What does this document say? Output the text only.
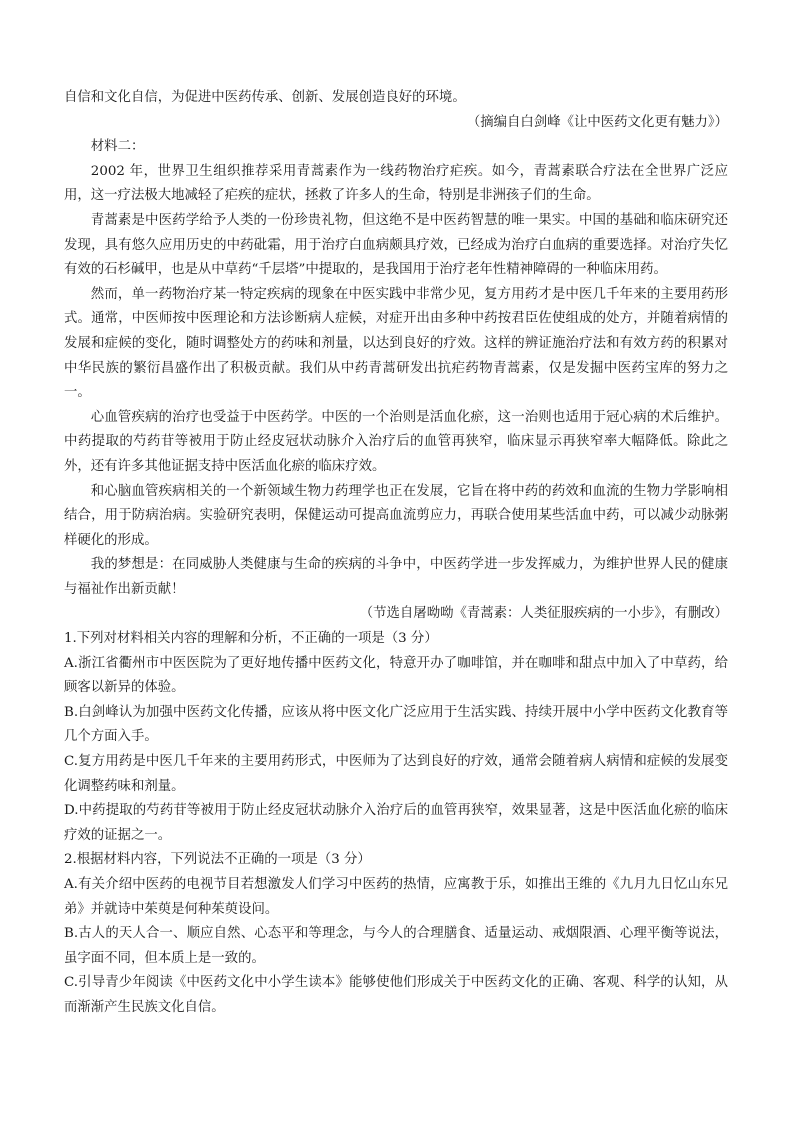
自信和文化自信，为促进中医药传承、创新、发展创造良好的环境。

（摘编自白剑峰《让中医药文化更有魅力》）

材料二：

2002 年，世界卫生组织推荐采用青蒿素作为一线药物治疗疟疾。如今，青蒿素联合疗法在全世界广泛应用，这一疗法极大地减轻了疟疾的症状，拯救了许多人的生命，特别是非洲孩子们的生命。

青蒿素是中医药学给予人类的一份珍贵礼物，但这绝不是中医药智慧的唯一果实。中国的基础和临床研究还发现，具有悠久应用历史的中药砒霜，用于治疗白血病颇具疗效，已经成为治疗白血病的重要选择。对治疗失忆有效的石杉碱甲，也是从中草药“千层塔”中提取的，是我国用于治疗老年性精神障碍的一种临床用药。

然而，单一药物治疗某一特定疾病的现象在中医实践中非常少见，复方用药才是中医几千年来的主要用药形式。通常，中医师按中医理论和方法诊断病人症候，对症开出由多种中药按君臣佐使组成的处方，并随着病情的发展和症候的变化，随时调整处方的药味和剂量，以达到良好的疗效。这样的辨证施治疗法和有效方药的积累对中华民族的繁衍昌盛作出了积极贡献。我们从中药青蒿研发出抗疟药物青蒿素，仅是发掘中医药宝库的努力之一。

心血管疾病的治疗也受益于中医药学。中医的一个治则是活血化瘀，这一治则也适用于冠心病的术后维护。中药提取的芍药苷等被用于防止经皮冠状动脉介入治疗后的血管再狭窄，临床显示再狭窄率大幅降低。除此之外，还有许多其他证据支持中医活血化瘀的临床疗效。

和心脑血管疾病相关的一个新领域生物力药理学也正在发展，它旨在将中药的药效和血流的生物力学影响相结合，用于防病治病。实验研究表明，保健运动可提高血流剪应力，再联合使用某些活血中药，可以减少动脉粥样硬化的形成。

我的梦想是：在同威胁人类健康与生命的疾病的斗争中，中医药学进一步发挥威力，为维护世界人民的健康与福祉作出新贡献！

（节选自屠呦呦《青蒿素：人类征服疾病的一小步》，有删改）

1.下列对材料相关内容的理解和分析，不正确的一项是（3 分）

A.浙江省衢州市中医医院为了更好地传播中医药文化，特意开办了咖啡馆，并在咖啡和甜点中加入了中草药，给顾客以新异的体验。

B.白剑峰认为加强中医药文化传播，应该从将中医文化广泛应用于生活实践、持续开展中小学中医药文化教育等几个方面入手。

C.复方用药是中医几千年来的主要用药形式，中医师为了达到良好的疗效，通常会随着病人病情和症候的发展变化调整药味和剂量。

D.中药提取的芍药苷等被用于防止经皮冠状动脉介入治疗后的血管再狭窄，效果显著，这是中医活血化瘀的临床疗效的证据之一。

2.根据材料内容，下列说法不正确的一项是（3 分）

A.有关介绍中医药的电视节目若想激发人们学习中医药的热情，应寓教于乐，如推出王维的《九月九日忆山东兄弟》并就诗中茱萸是何种茱萸设问。

B.古人的天人合一、顺应自然、心态平和等理念，与今人的合理膳食、适量运动、戒烟限酒、心理平衡等说法，虽字面不同，但本质上是一致的。

C.引导青少年阅读《中医药文化中小学生读本》能够使他们形成关于中医药文化的正确、客观、科学的认知，从而渐渐产生民族文化自信。
